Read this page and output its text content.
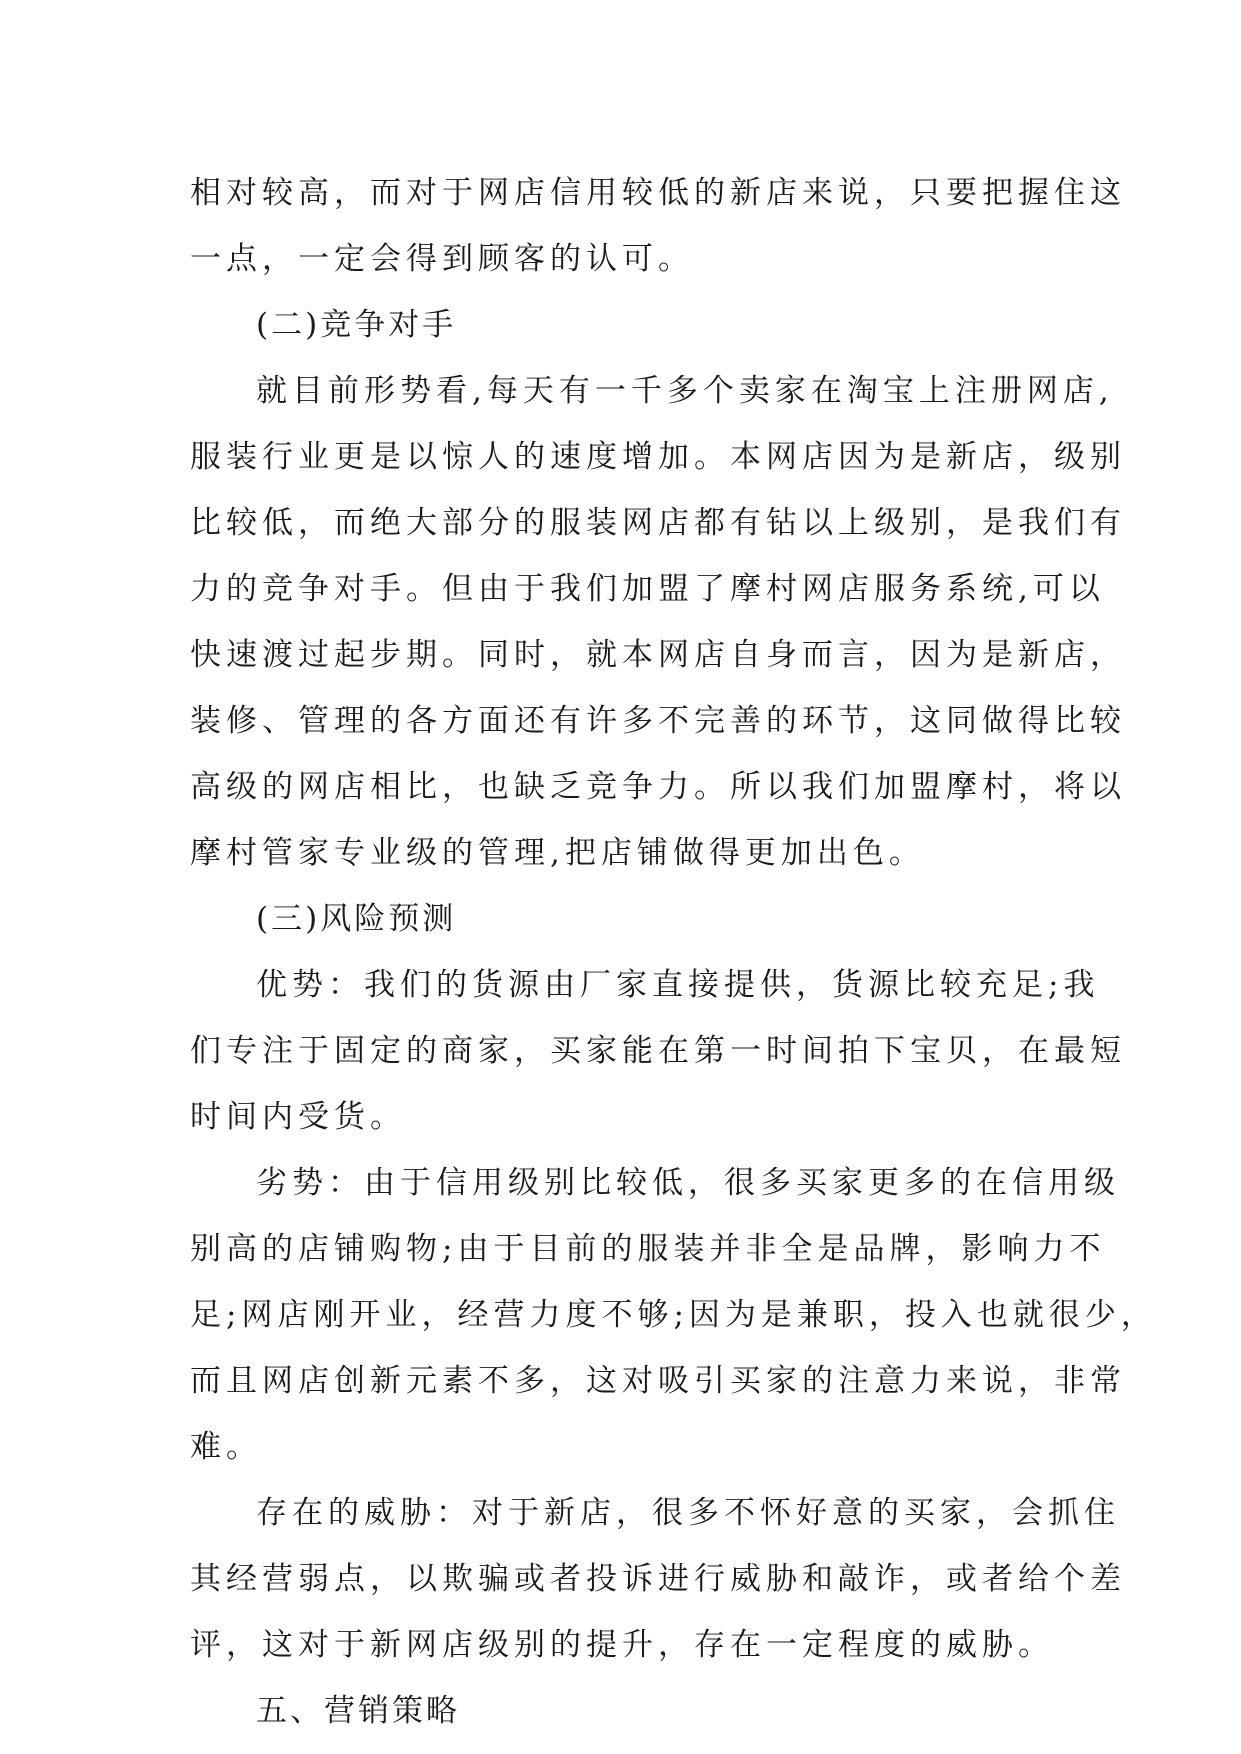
相对较高，而对于网店信用较低的新店来说，只要把握住这
一点，一定会得到顾客的认可。
(二)竞争对手
就目前形势看,每天有一千多个卖家在淘宝上注册网店,
服装行业更是以惊人的速度增加。本网店因为是新店，级别
比较低，而绝大部分的服装网店都有钻以上级别，是我们有
力的竞争对手。但由于我们加盟了摩村网店服务系统,可以
快速渡过起步期。同时，就本网店自身而言，因为是新店，
装修、管理的各方面还有许多不完善的环节，这同做得比较
高级的网店相比，也缺乏竞争力。所以我们加盟摩村，将以
摩村管家专业级的管理,把店铺做得更加出色。
(三)风险预测
优势：我们的货源由厂家直接提供，货源比较充足;我
们专注于固定的商家，买家能在第一时间拍下宝贝，在最短
时间内受货。
劣势：由于信用级别比较低，很多买家更多的在信用级
别高的店铺购物;由于目前的服装并非全是品牌，影响力不
足;网店刚开业，经营力度不够;因为是兼职，投入也就很少，
而且网店创新元素不多，这对吸引买家的注意力来说，非常
难。
存在的威胁：对于新店，很多不怀好意的买家，会抓住
其经营弱点，以欺骗或者投诉进行威胁和敲诈，或者给个差
评，这对于新网店级别的提升，存在一定程度的威胁。
五、营销策略
